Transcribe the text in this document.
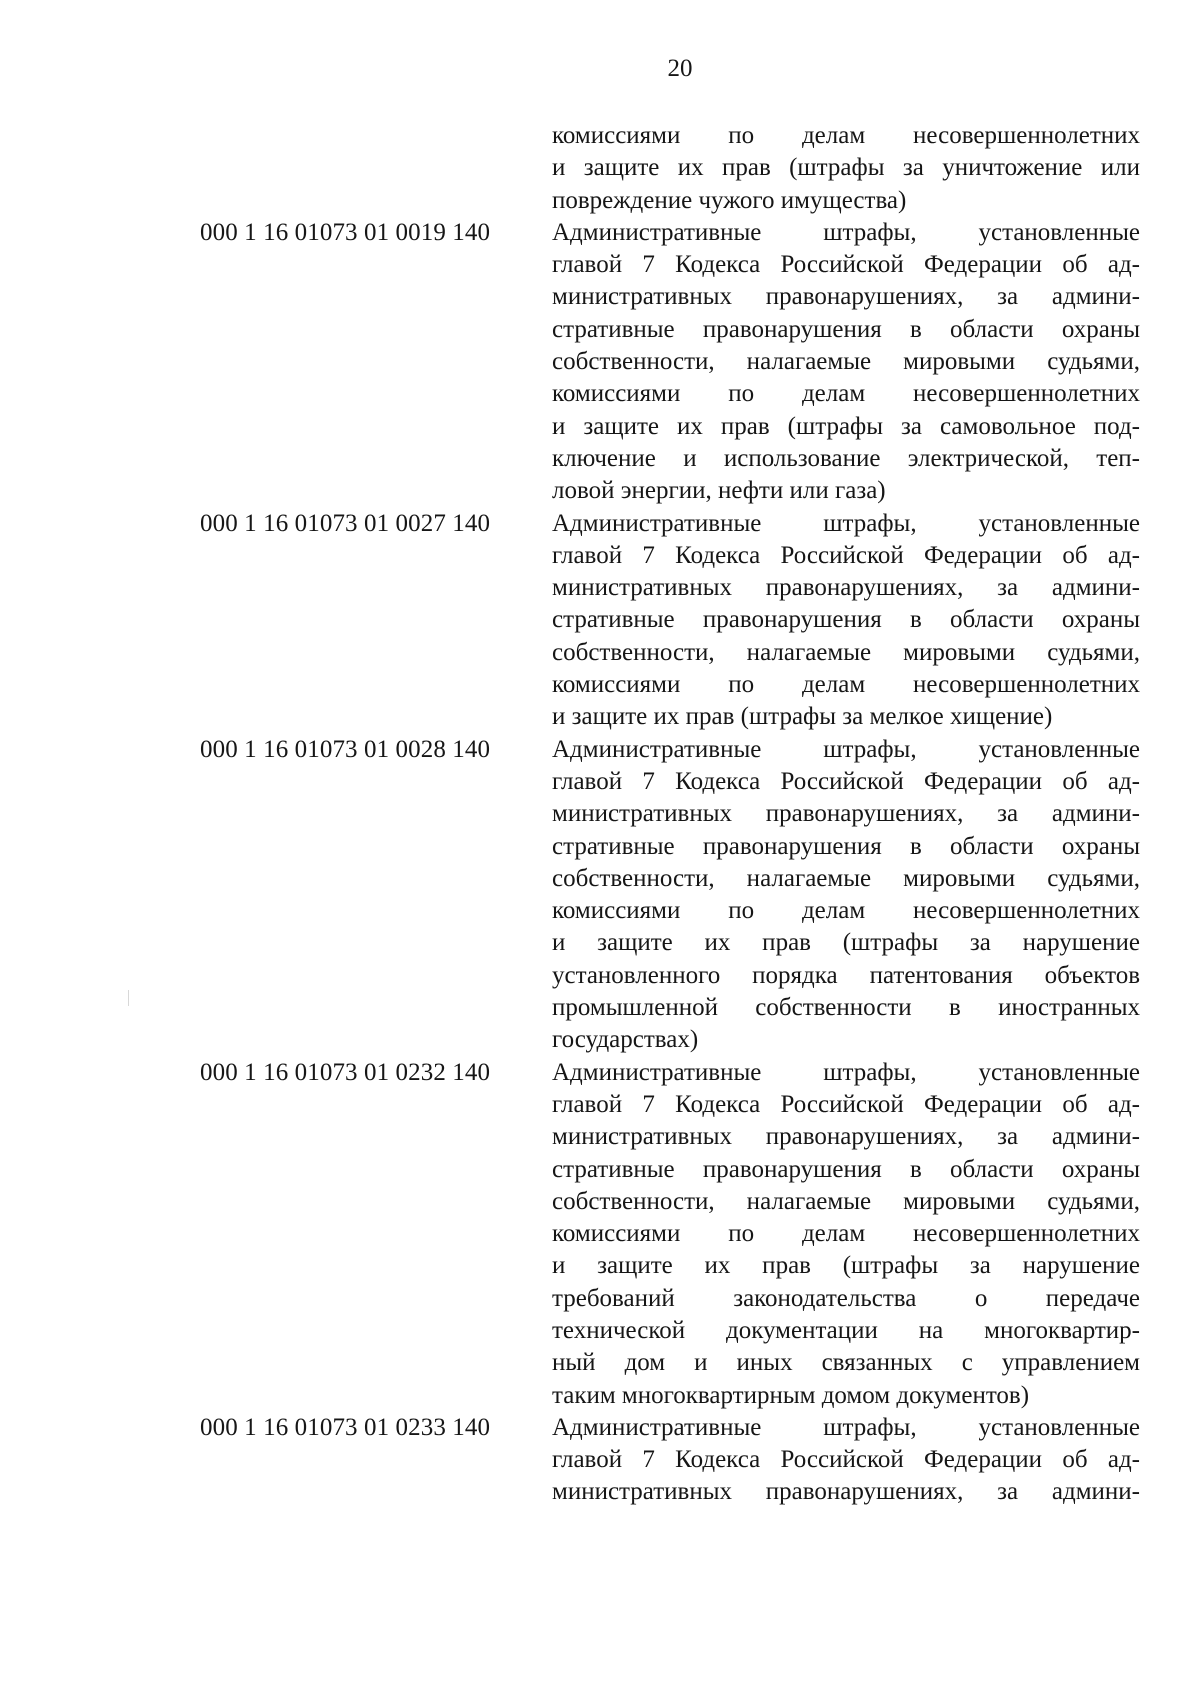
20
комиссиями по делам несовершеннолетних
и защите их прав (штрафы за уничтожение или
повреждение чужого имущества)
000 1 16 01073 01 0019 140	Административные штрафы, установленные
главой 7 Кодекса Российской Федерации об ад-
министративных правонарушениях, за админи-
стративные правонарушения в области охраны
собственности, налагаемые мировыми судьями,
комиссиями по делам несовершеннолетних
и защите их прав (штрафы за самовольное под-
ключение и использование электрической, теп-
ловой энергии, нефти или газа)
000 1 16 01073 01 0027 140	Административные штрафы, установленные
главой 7 Кодекса Российской Федерации об ад-
министративных правонарушениях, за админи-
стративные правонарушения в области охраны
собственности, налагаемые мировыми судьями,
комиссиями по делам несовершеннолетних
и защите их прав (штрафы за мелкое хищение)
000 1 16 01073 01 0028 140	Административные штрафы, установленные
главой 7 Кодекса Российской Федерации об ад-
министративных правонарушениях, за админи-
стративные правонарушения в области охраны
собственности, налагаемые мировыми судьями,
комиссиями по делам несовершеннолетних
и защите их прав (штрафы за нарушение
установленного порядка патентования объектов
промышленной собственности в иностранных
государствах)
000 1 16 01073 01 0232 140	Административные штрафы, установленные
главой 7 Кодекса Российской Федерации об ад-
министративных правонарушениях, за админи-
стративные правонарушения в области охраны
собственности, налагаемые мировыми судьями,
комиссиями по делам несовершеннолетних
и защите их прав (штрафы за нарушение
требований законодательства о передаче
технической документации на многоквартир-
ный дом и иных связанных с управлением
таким многоквартирным домом документов)
000 1 16 01073 01 0233 140	Административные штрафы, установленные
главой 7 Кодекса Российской Федерации об ад-
министративных правонарушениях, за админи-
